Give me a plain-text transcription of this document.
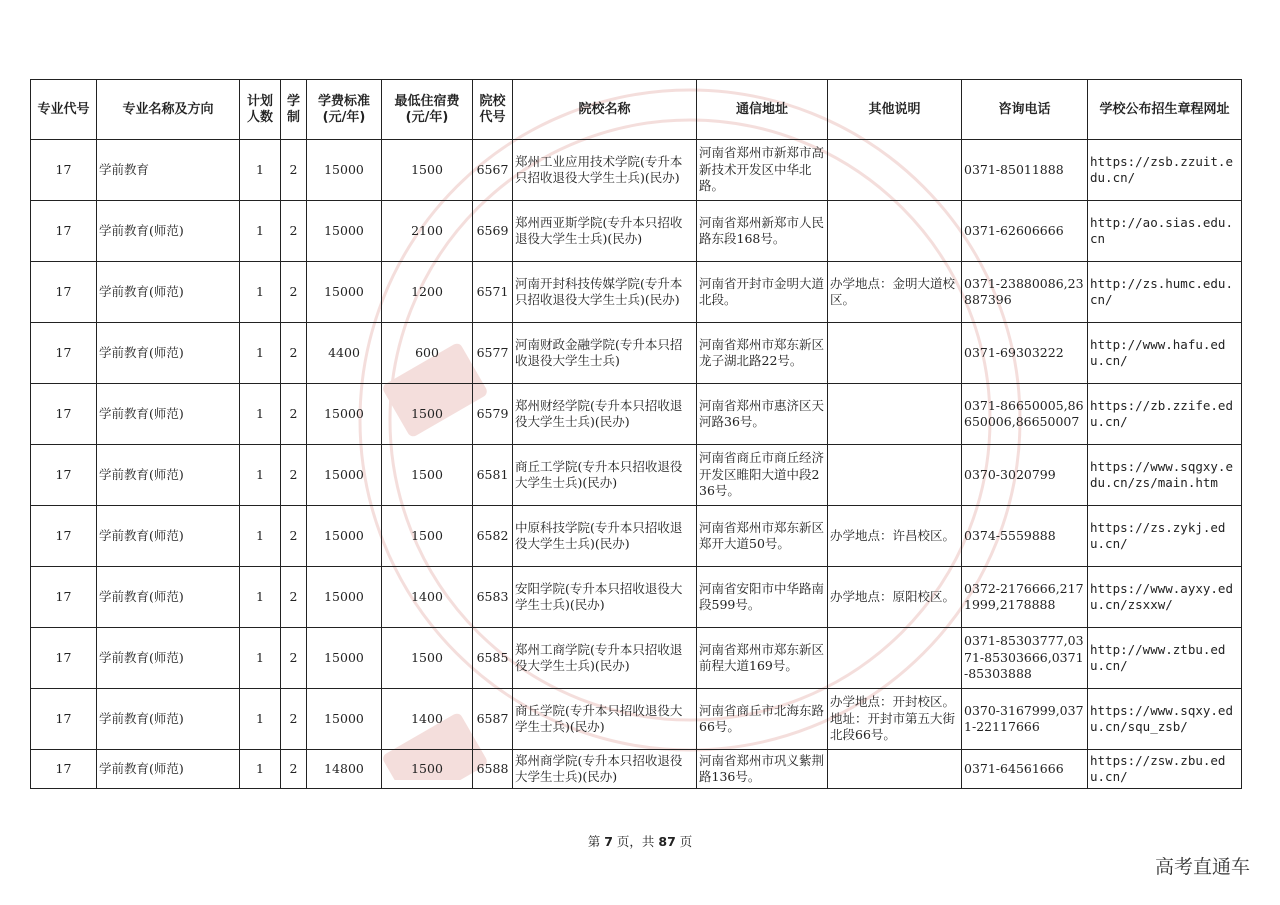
专业代号	专业名称及方向	计划人数	学制	学费标准(元/年)	最低住宿费(元/年)	院校代号	院校名称	通信地址	其他说明	咨询电话	学校公布招生章程网址
17	学前教育	1	2	15000	1500	6567	郑州工业应用技术学院(专升本只招收退役大学生士兵)(民办)	河南省郑州市新郑市高新技术开发区中华北路。		0371-85011888	https://zsb.zzuit.edu.cn/
17	学前教育(师范)	1	2	15000	2100	6569	郑州西亚斯学院(专升本只招收退役大学生士兵)(民办)	河南省郑州新郑市人民路东段168号。		0371-62606666	http://ao.sias.edu.cn
17	学前教育(师范)	1	2	15000	1200	6571	河南开封科技传媒学院(专升本只招收退役大学生士兵)(民办)	河南省开封市金明大道北段。	办学地点：金明大道校区。	0371-23880086,23887396	http://zs.humc.edu.cn/
17	学前教育(师范)	1	2	4400	600	6577	河南财政金融学院(专升本只招收退役大学生士兵)	河南省郑州市郑东新区龙子湖北路22号。		0371-69303222	http://www.hafu.edu.cn/
17	学前教育(师范)	1	2	15000	1500	6579	郑州财经学院(专升本只招收退役大学生士兵)(民办)	河南省郑州市惠济区天河路36号。		0371-86650005,86650006,86650007	https://zb.zzife.edu.cn/
17	学前教育(师范)	1	2	15000	1500	6581	商丘工学院(专升本只招收退役大学生士兵)(民办)	河南省商丘市商丘经济开发区睢阳大道中段236号。		0370-3020799	https://www.sqgxy.edu.cn/zs/main.htm
17	学前教育(师范)	1	2	15000	1500	6582	中原科技学院(专升本只招收退役大学生士兵)(民办)	河南省郑州市郑东新区郑开大道50号。	办学地点：许昌校区。	0374-5559888	https://zs.zykj.edu.cn/
17	学前教育(师范)	1	2	15000	1400	6583	安阳学院(专升本只招收退役大学生士兵)(民办)	河南省安阳市中华路南段599号。	办学地点：原阳校区。	0372-2176666,2171999,2178888	https://www.ayxy.edu.cn/zsxxw/
17	学前教育(师范)	1	2	15000	1500	6585	郑州工商学院(专升本只招收退役大学生士兵)(民办)	河南省郑州市郑东新区前程大道169号。		0371-85303777,0371-85303666,0371-85303888	http://www.ztbu.edu.cn/
17	学前教育(师范)	1	2	15000	1400	6587	商丘学院(专升本只招收退役大学生士兵)(民办)	河南省商丘市北海东路66号。	办学地点：开封校区。地址：开封市第五大街北段66号。	0370-3167999,0371-22117666	https://www.sqxy.edu.cn/squ_zsb/
17	学前教育(师范)	1	2	14800	1500	6588	郑州商学院(专升本只招收退役大学生士兵)(民办)	河南省郑州市巩义紫荆路136号。		0371-64561666	https://zsw.zbu.edu.cn/
第 7 页，共 87 页
高考直通车
